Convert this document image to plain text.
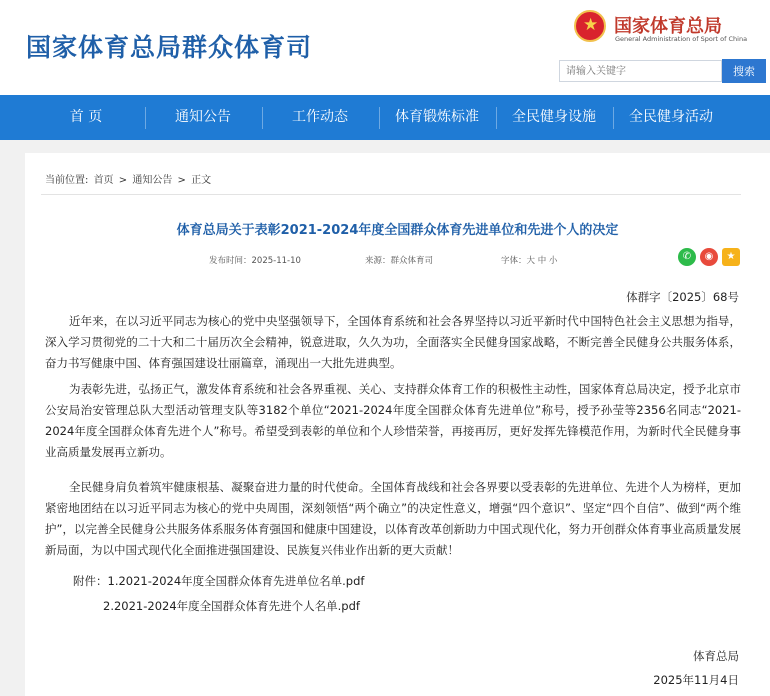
国家体育总局群众体育司
★
国家体育总局
General Administration of Sport of China
请输入关键字
搜索
首 页	通知公告	工作动态	体育锻炼标准	全民健身设施	全民健身活动
当前位置: 首页 > 通知公告 > 正文
体育总局关于表彰2021-2024年度全国群众体育先进单位和先进个人的决定
发布时间：2025-11-10	来源：群众体育司	字体：大 中 小	✆	◉	★
体群字〔2025〕68号
近年来，在以习近平同志为核心的党中央坚强领导下，全国体育系统和社会各界坚持以习近平新时代中国特色社会主义思想为指导，深入学习贯彻党的二十大和二十届历次全会精神，锐意进取，久久为功，全面落实全民健身国家战略，不断完善全民健身公共服务体系，奋力书写健康中国、体育强国建设壮丽篇章，涌现出一大批先进典型。
为表彰先进，弘扬正气，激发体育系统和社会各界重视、关心、支持群众体育工作的积极性主动性，国家体育总局决定，授予北京市公安局治安管理总队大型活动管理支队等3182个单位“2021-2024年度全国群众体育先进单位”称号，授予孙莹等2356名同志“2021-2024年度全国群众体育先进个人”称号。希望受到表彰的单位和个人珍惜荣誉，再接再厉，更好发挥先锋模范作用，为新时代全民健身事业高质量发展再立新功。
全民健身肩负着筑牢健康根基、凝聚奋进力量的时代使命。全国体育战线和社会各界要以受表彰的先进单位、先进个人为榜样，更加紧密地团结在以习近平同志为核心的党中央周围，深刻领悟“两个确立”的决定性意义，增强“四个意识”、坚定“四个自信”、做到“两个维护”，以完善全民健身公共服务体系服务体育强国和健康中国建设，以体育改革创新助力中国式现代化，努力开创群众体育事业高质量发展新局面，为以中国式现代化全面推进强国建设、民族复兴伟业作出新的更大贡献！
附件：1.2021-2024年度全国群众体育先进单位名单.pdf
2.2021-2024年度全国群众体育先进个人名单.pdf
体育总局
2025年11月4日
